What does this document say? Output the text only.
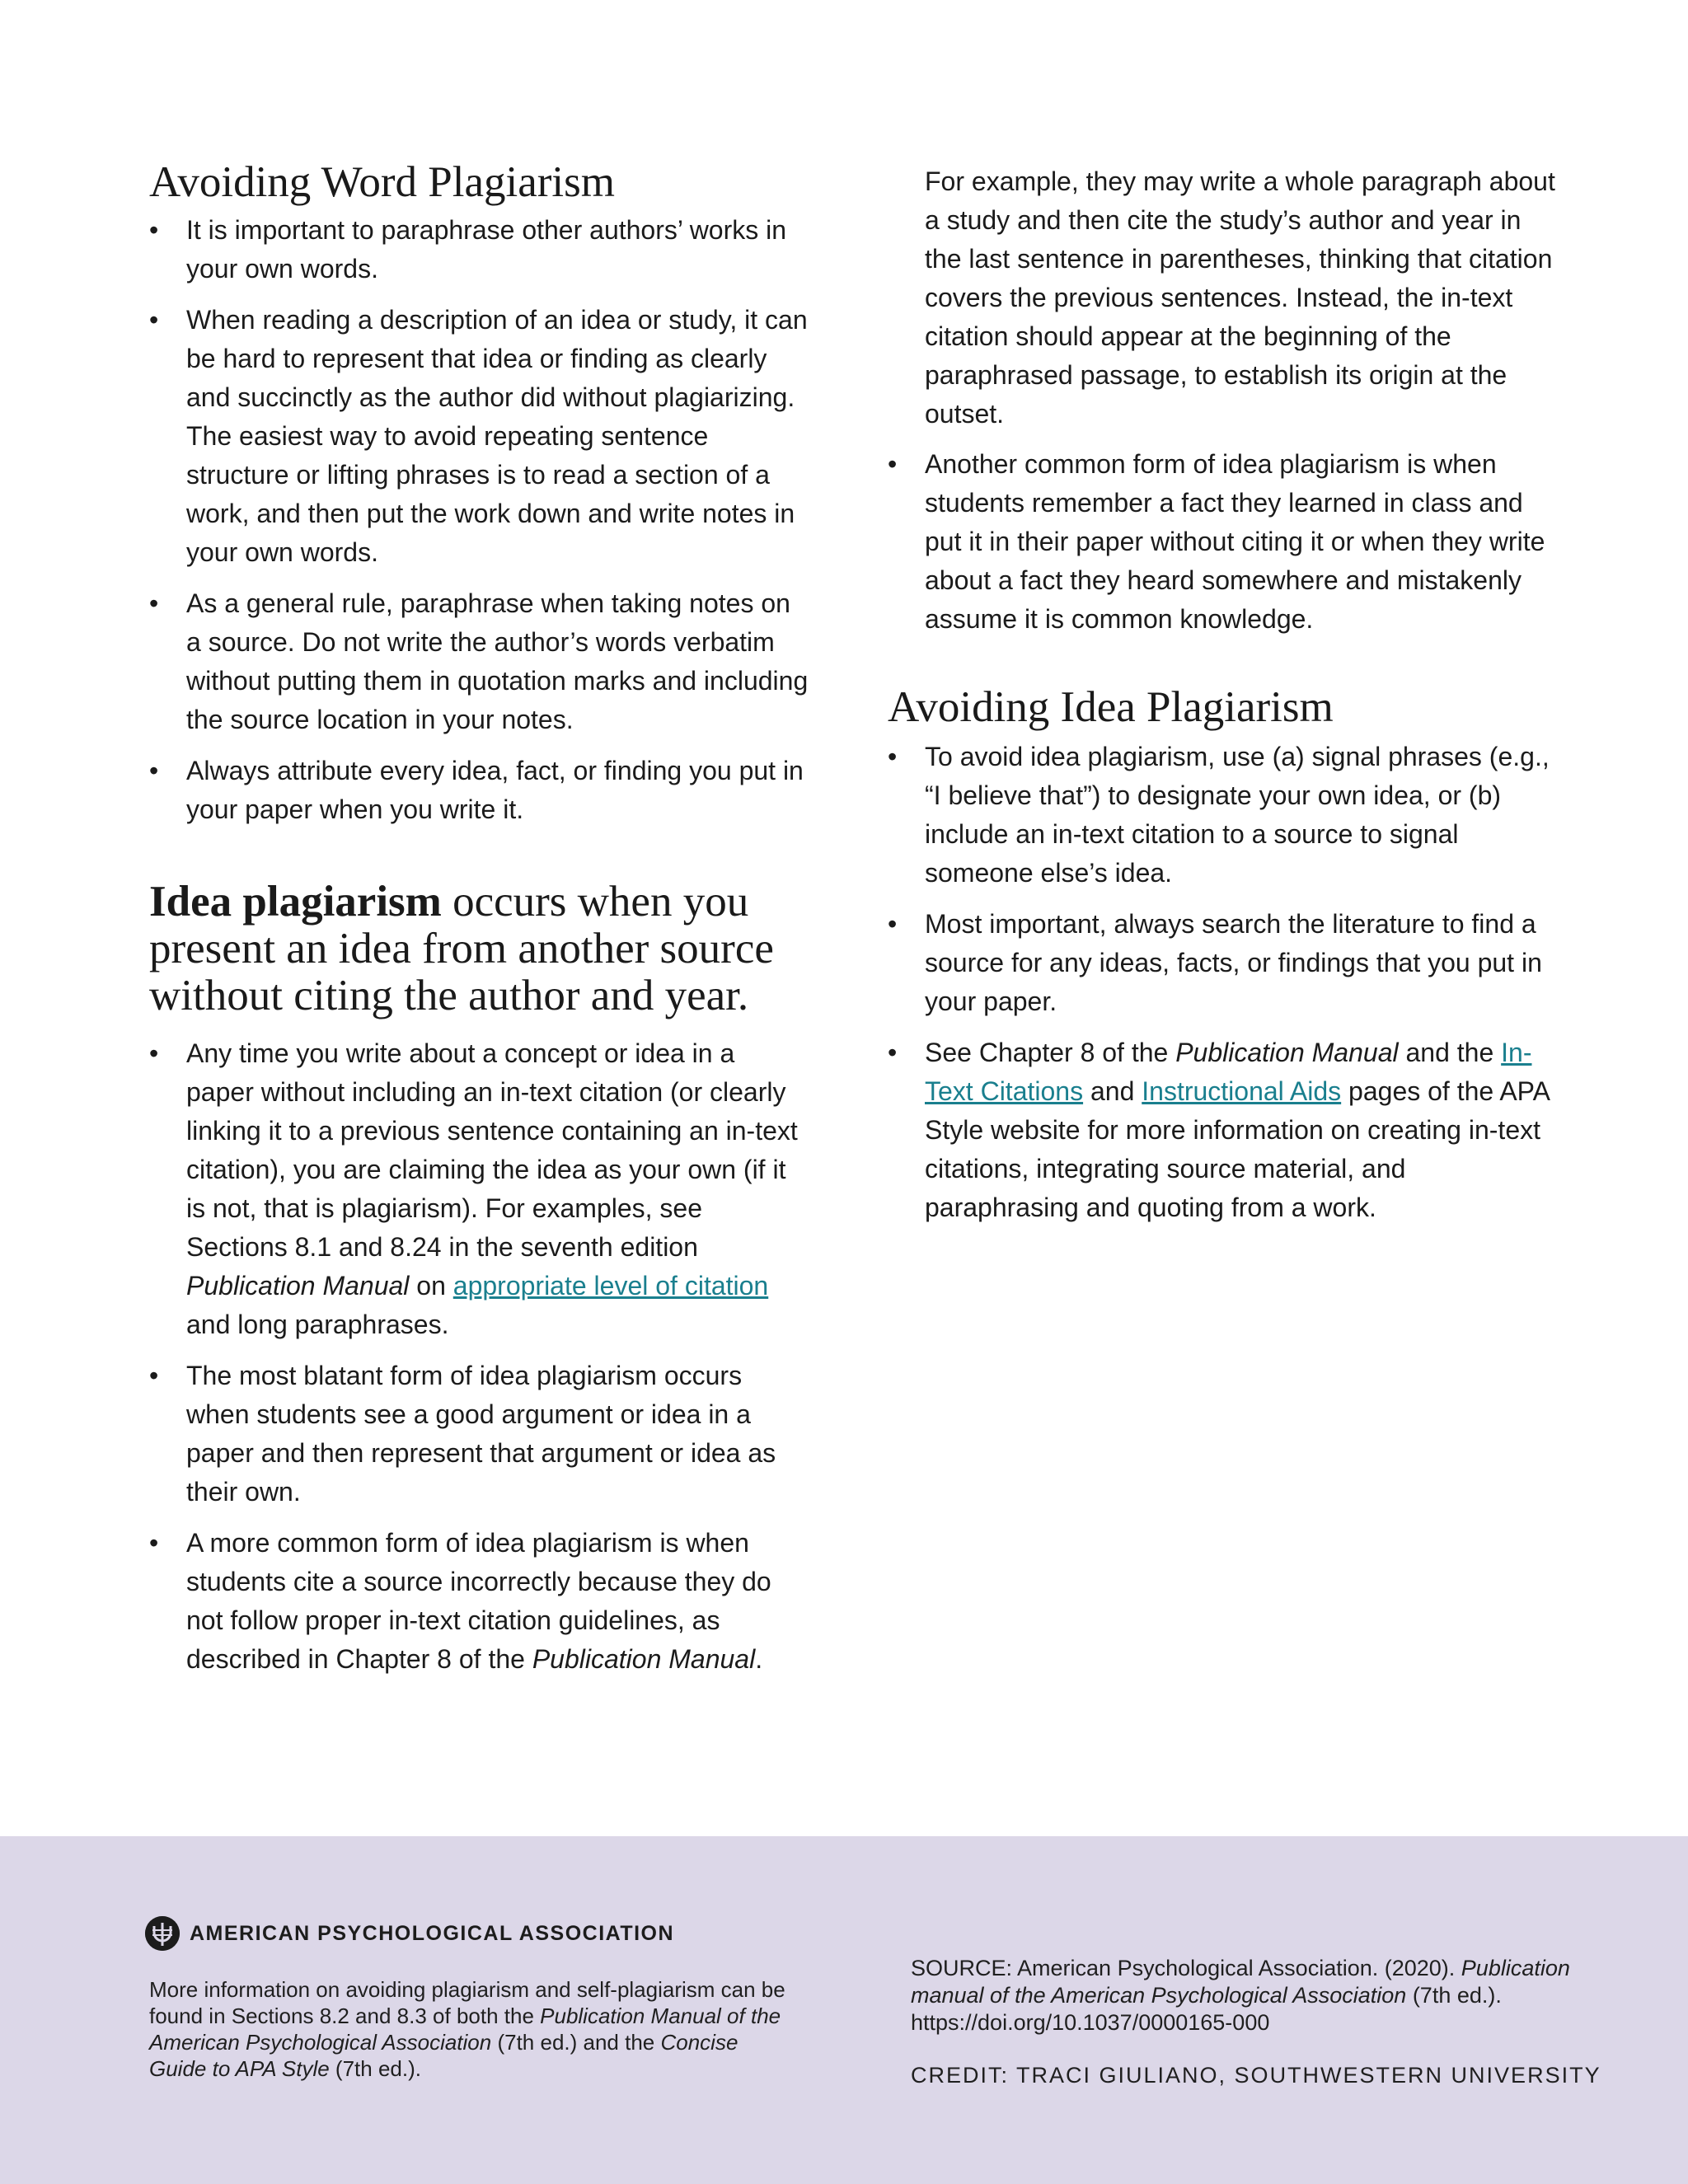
Avoiding Word Plagiarism
• It is important to paraphrase other authors’ works in your own words.
• When reading a description of an idea or study, it can be hard to represent that idea or finding as clearly and succinctly as the author did without plagiarizing. The easiest way to avoid repeating sentence structure or lifting phrases is to read a section of a work, and then put the work down and write notes in your own words.
• As a general rule, paraphrase when taking notes on a source. Do not write the author’s words verbatim without putting them in quotation marks and including the source location in your notes.
• Always attribute every idea, fact, or finding you put in your paper when you write it.

Idea plagiarism occurs when you present an idea from another source without citing the author and year.

• Any time you write about a concept or idea in a paper without including an in-text citation (or clearly linking it to a previous sentence containing an in-text citation), you are claiming the idea as your own (if it is not, that is plagiarism). For examples, see Sections 8.1 and 8.24 in the seventh edition Publication Manual on appropriate level of citation and long paraphrases.
• The most blatant form of idea plagiarism occurs when students see a good argument or idea in a paper and then represent that argument or idea as their own.
• A more common form of idea plagiarism is when students cite a source incorrectly because they do not follow proper in-text citation guidelines, as described in Chapter 8 of the Publication Manual.

For example, they may write a whole paragraph about a study and then cite the study’s author and year in the last sentence in parentheses, thinking that citation covers the previous sentences. Instead, the in-text citation should appear at the beginning of the paraphrased passage, to establish its origin at the outset.

• Another common form of idea plagiarism is when students remember a fact they learned in class and put it in their paper without citing it or when they write about a fact they heard somewhere and mistakenly assume it is common knowledge.
Avoiding Idea Plagiarism
• To avoid idea plagiarism, use (a) signal phrases (e.g., “I believe that”) to designate your own idea, or (b) include an in-text citation to a source to signal someone else’s idea.
• Most important, always search the literature to find a source for any ideas, facts, or findings that you put in your paper.
• See Chapter 8 of the Publication Manual and the In-Text Citations and Instructional Aids pages of the APA Style website for more information on creating in-text citations, integrating source material, and paraphrasing and quoting from a work.
AMERICAN PSYCHOLOGICAL ASSOCIATION
More information on avoiding plagiarism and self-plagiarism can be found in Sections 8.2 and 8.3 of both the Publication Manual of the American Psychological Association (7th ed.) and the Concise Guide to APA Style (7th ed.).
SOURCE: American Psychological Association. (2020). Publication manual of the American Psychological Association (7th ed.). https://doi.org/10.1037/0000165-000
CREDIT: TRACI GIULIANO, SOUTHWESTERN UNIVERSITY
